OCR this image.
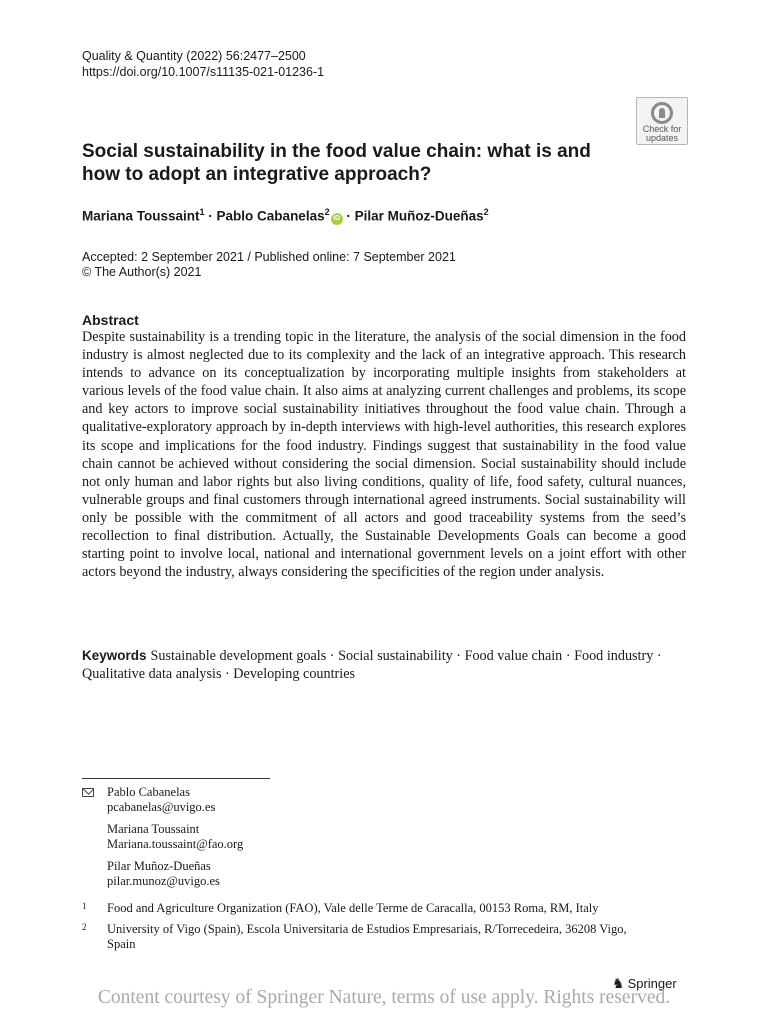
Quality & Quantity (2022) 56:2477–2500
https://doi.org/10.1007/s11135-021-01236-1
Check for
updates
Social sustainability in the food value chain: what is and how to adopt an integrative approach?
Mariana Toussaint$^1$ · Pablo Cabanelas$^2$iD · Pilar Muñoz‑Dueñas$^2$
Accepted: 2 September 2021 / Published online: 7 September 2021
© The Author(s) 2021
Abstract

Despite sustainability is a trending topic in the literature, the analysis of the social dimension in the food industry is almost neglected due to its complexity and the lack of an integrative approach. This research intends to advance on its conceptualization by incorporating multiple insights from stakeholders at various levels of the food value chain. It also aims at analyzing current challenges and problems, its scope and key actors to improve social sustainability initiatives throughout the food value chain. Through a qualitative-exploratory approach by in-depth interviews with high-level authorities, this research explores its scope and implications for the food industry. Findings suggest that sustainability in the food value chain cannot be achieved without considering the social dimension. Social sustainability should include not only human and labor rights but also living conditions, quality of life, food safety, cultural nuances, vulnerable groups and final customers through international agreed instruments. Social sustainability will only be possible with the commitment of all actors and good traceability systems from the seed’s recollection to final distribution. Actually, the Sustainable Developments Goals can become a good starting point to involve local, national and international government levels on a joint effort with other actors beyond the industry, always considering the specificities of the region under analysis.

Keywords Sustainable development goals · Social sustainability · Food value chain · Food industry · Qualitative data analysis · Developing countries

Pablo Cabanelas
pcabanelas@uvigo.es
Mariana Toussaint
Mariana.toussaint@fao.org
Pilar Muñoz‑Dueñas
pilar.munoz@uvigo.es
1 Food and Agriculture Organization (FAO), Vale delle Terme de Caracalla, 00153 Roma, RM, Italy
2 University of Vigo (Spain), Escola Universitaria de Estudios Empresariais, R/Torrecedeira, 36208 Vigo, Spain
♞ Springer
Content courtesy of Springer Nature, terms of use apply. Rights reserved.
